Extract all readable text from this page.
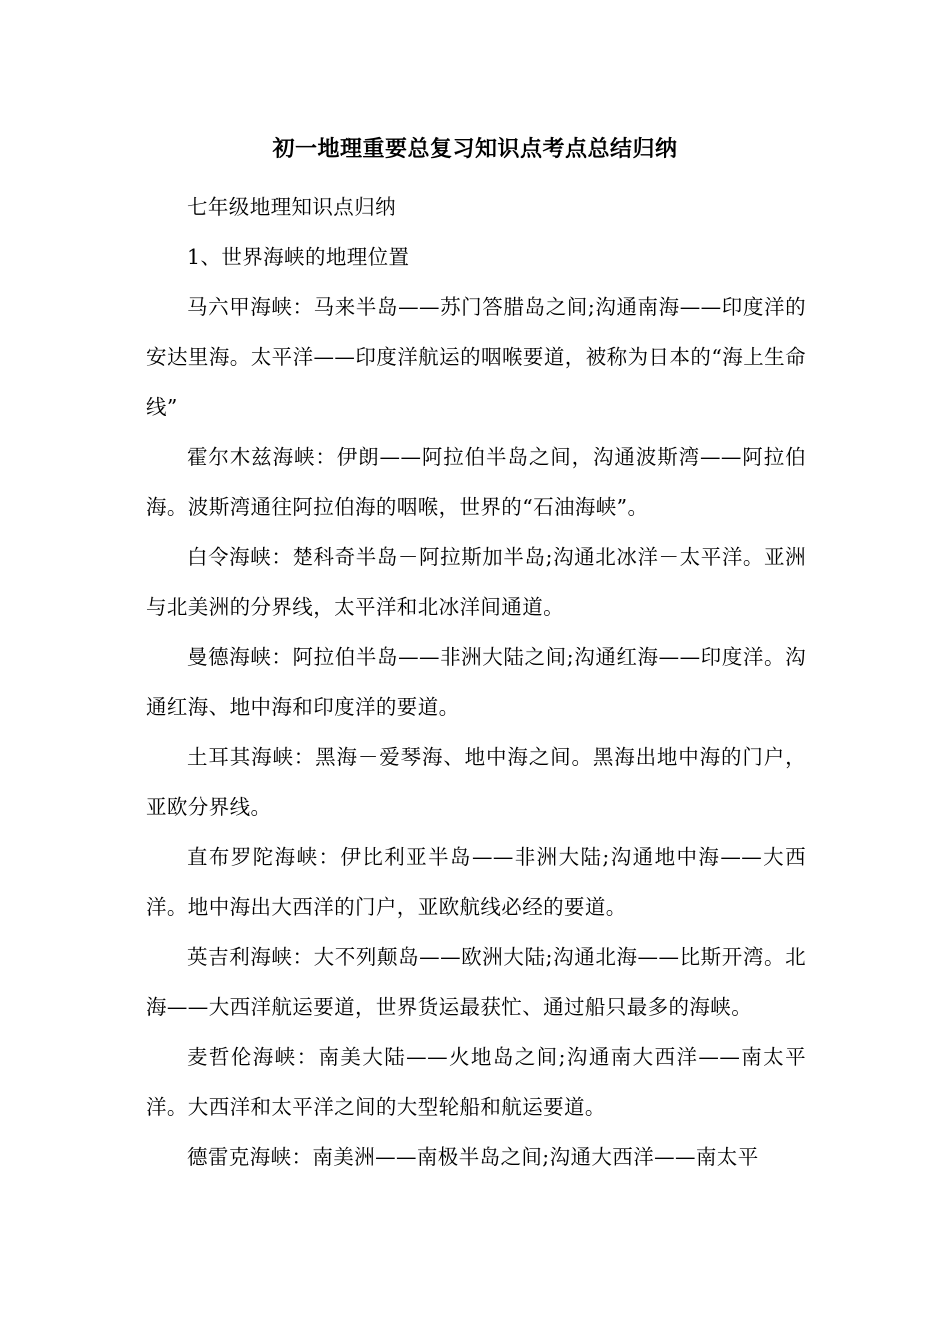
初一地理重要总复习知识点考点总结归纳

七年级地理知识点归纳

1、世界海峡的地理位置

马六甲海峡：马来半岛——苏门答腊岛之间;沟通南海——印度洋的安达里海。太平洋——印度洋航运的咽喉要道，被称为日本的“海上生命线”

霍尔木兹海峡：伊朗——阿拉伯半岛之间，沟通波斯湾——阿拉伯海。波斯湾通往阿拉伯海的咽喉，世界的“石油海峡”。

白令海峡：楚科奇半岛－阿拉斯加半岛;沟通北冰洋－太平洋。亚洲与北美洲的分界线，太平洋和北冰洋间通道。

曼德海峡：阿拉伯半岛——非洲大陆之间;沟通红海——印度洋。沟通红海、地中海和印度洋的要道。

土耳其海峡：黑海－爱琴海、地中海之间。黑海出地中海的门户，亚欧分界线。

直布罗陀海峡：伊比利亚半岛——非洲大陆;沟通地中海——大西洋。地中海出大西洋的门户，亚欧航线必经的要道。

英吉利海峡：大不列颠岛——欧洲大陆;沟通北海——比斯开湾。北海——大西洋航运要道，世界货运最获忙、通过船只最多的海峡。

麦哲伦海峡：南美大陆——火地岛之间;沟通南大西洋——南太平洋。大西洋和太平洋之间的大型轮船和航运要道。

德雷克海峡：南美洲——南极半岛之间;沟通大西洋——南太平
